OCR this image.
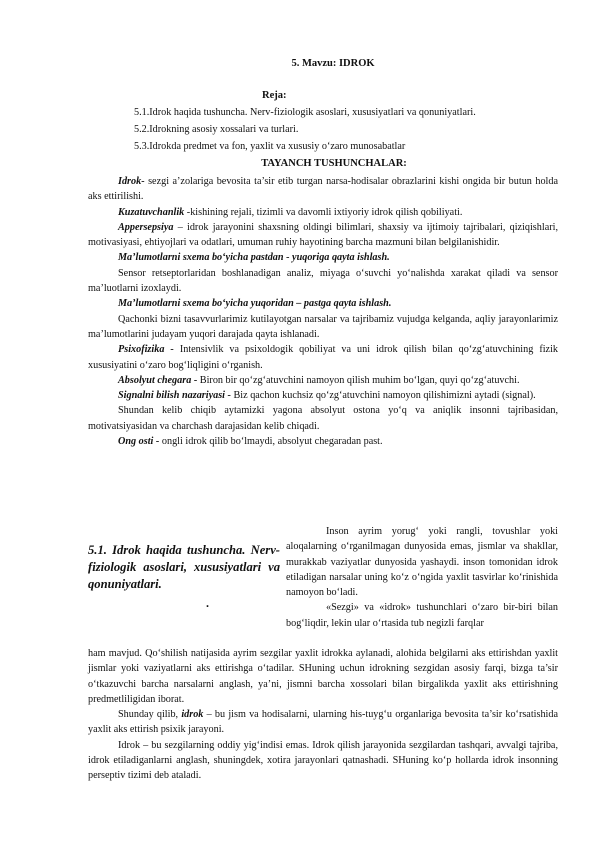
5. Mavzu: IDROK
Reja:
5.1.Idrok haqida tushuncha. Nerv-fiziologik asoslari, xususiyatlari va qonuniyatlari.
5.2.Idrokning asosiy xossalari va turlari.
5.3.Idrokda predmet va fon, yaxlit va xususiy o‘zaro munosabatlar
TAYANCH TUSHUNCHALAR:

Idrok- sezgi a’zolariga bevosita ta’sir etib turgan narsa-hodisalar obrazlarini kishi ongida bir butun holda aks ettirilishi.

Kuzatuvchanlik -kishining rejali, tizimli va davomli ixtiyoriy idrok qilish qobiliyati.

Appersepsiya – idrok jarayonini shaxsning oldingi bilimlari, shaxsiy va ijtimoiy tajribalari, qiziqishlari, motivasiyasi, ehtiyojlari va odatlari, umuman ruhiy hayotining barcha mazmuni bilan belgilanishidir.

Ma’lumotlarni sxema bo‘yicha pastdan - yuqoriga qayta ishlash.

Sensor retseptorlaridan boshlanadigan analiz, miyaga o‘suvchi yo‘nalishda xarakat qiladi va sensor ma’luotlarni izoxlaydi.

Ma’lumotlarni sxema bo‘yicha yuqoridan – pastga qayta ishlash.

Qachonki bizni tasavvurlarimiz kutilayotgan narsalar va tajribamiz vujudga kelganda, aqliy jarayonlarimiz ma’lumotlarini judayam yuqori darajada qayta ishlanadi.

Psixofizika - Intensivlik va psixoldogik qobiliyat va uni idrok qilish bilan qo‘zg‘atuvchining fizik xususiyatini o‘zaro bog‘liqligini o‘rganish.

Absolyut chegara - Biron bir qo‘zg‘atuvchini namoyon qilish muhim bo‘lgan, quyi qo‘zg‘atuvchi.

Signalni bilish nazariyasi - Biz qachon kuchsiz qo‘zg‘atuvchini namoyon qilishimizni aytadi (signal).

Shundan kelib chiqib aytamizki yagona absolyut ostona yo‘q va aniqlik insonni tajribasidan, motivatsiyasidan va charchash darajasidan kelib chiqadi.

Ong osti - ongli idrok qilib bo‘lmaydi, absolyut chegaradan past.

5.1. Idrok haqida tushuncha. Nerv-fiziologik asoslari, xususiyatlari va qonuniyatlari.
.

Inson ayrim yorug‘ yoki rangli, tovushlar yoki aloqalarning o‘rganilmagan dunyosida emas, jismlar va shakllar, murakkab vaziyatlar dunyosida yashaydi. inson tomonidan idrok etiladigan narsalar uning ko‘z o‘ngida yaxlit tasvirlar ko‘rinishida namoyon bo‘ladi.

«Sezgi» va «idrok» tushunchlari o‘zaro bir-biri bilan bog‘liqdir, lekin ular o‘rtasida tub negizli farqlar

ham mavjud. Qo‘shilish natijasida ayrim sezgilar yaxlit idrokka aylanadi, alohida belgilarni aks ettirishdan yaxlit jismlar yoki vaziyatlarni aks ettirishga o‘tadilar. SHuning uchun idrokning sezgidan asosiy farqi, bizga ta’sir o‘tkazuvchi barcha narsalarni anglash, ya’ni, jismni barcha xossolari bilan birgalikda yaxlit aks ettirishning predmetliligidan iborat.

Shunday qilib, idrok – bu jism va hodisalarni, ularning his-tuyg‘u organlariga bevosita ta’sir ko‘rsatishida yaxlit aks ettirish psixik jarayoni.

Idrok – bu sezgilarning oddiy yig‘indisi emas. Idrok qilish jarayonida sezgilardan tashqari, avvalgi tajriba, idrok etiladiganlarni anglash, shuningdek, xotira jarayonlari qatnashadi. SHuning ko‘p hollarda idrok insonning perseptiv tizimi deb ataladi.
